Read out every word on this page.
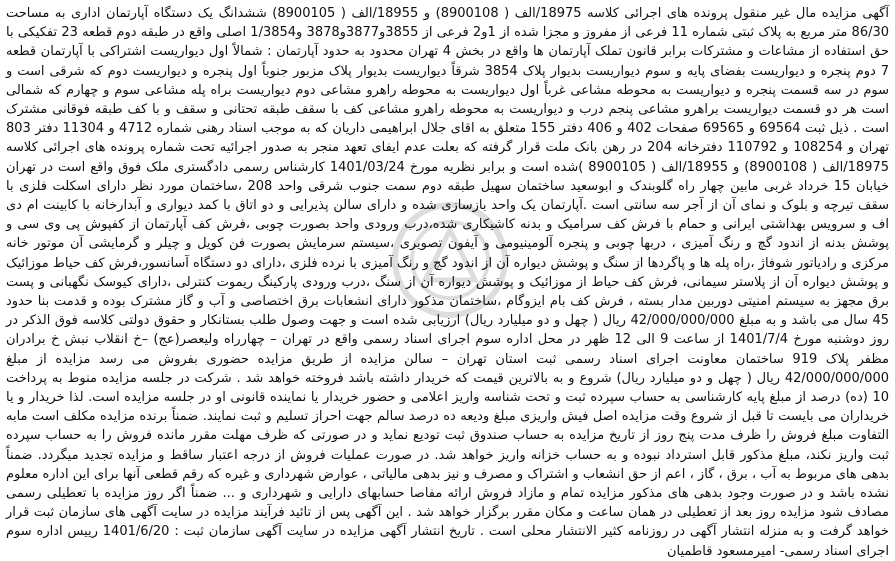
آگهی مزایده مال غیر منقول پرونده های اجرائی کلاسه 18975/الف ( 8900108) و 18955/الف ( 8900105) ششدانگ یک دستگاه آپارتمان اداری به مساحت 86/30 متر مربع به پلاک ثبتی شماره 11 فرعی از مفروز و مجزا شده از 1و2 فرعی از 3855و3877و3878 و1/3854 اصلی واقع در طبقه دوم قطعه 23 تفکیکی با حق استفاده از مشاعات و مشترکات برابر قانون تملک آپارتمان ها واقع در بخش 4 تهران محدود به حدود آپارتمان : شمالاً اول دیواریست اشتراکی با آپارتمان قطعه 7 دوم پنجره و دیواریست بفضای پایه و سوم دیواریست بدیوار پلاک 3854 شرقاً دیواریست بدیوار پلاک مزبور جنوباً اول پنجره و دیواریست دوم که شرقی است و سوم در سه قسمت پنجره و دیواریست به محوطه مشاعی غرباً اول دیواریست به محوطه راهرو مشاعی دوم دیواریست براه پله مشاعی سوم و چهارم که شمالی است هر دو قسمت دیواریست براهرو مشاعی پنجم درب و دیواریست به محوطه راهرو مشاعی کف با سقف طبقه تحتانی و سقف و با کف طبقه فوقانی مشترک است . ذیل ثبت 69564 و 69565 صفحات 402 و 406 دفتر 155 متعلق به اقای جلال ابراهیمی داریان که به موجب اسناد رهنی شماره 4712 و 11304 دفتر 803 تهران و 108254 و 110792 دفترخانه 204 در رهن بانک ملت قرار گرفته که بعلت عدم ایفای تعهد منجر به صدور اجرائیه تحت شماره پرونده های اجرائی کلاسه 18975/الف ( 8900108) و 18955/الف ( 8900105 )شده است و برابر نظریه مورخ 1401/03/24 کارشناس رسمی دادگستری ملک فوق واقع است در تهران خیابان 15 خرداد غربی مابین چهار راه گلوبندک و ابوسعید ساختمان سهیل طبقه دوم سمت جنوب شرقی واحد 208 ،ساختمان مورد نظر دارای اسکلت فلزی با سقف تیرچه و بلوک و نمای آن از آجر سه سانتی است .آپارتمان یک واحد بازسازی شده و دارای سالن پذیرایی و دو اتاق با کمد دیواری و آبدارخانه با کابینت ام دی اف و سرویس بهداشتی ایرانی و حمام با فرش کف سرامیک و بدنه کاشیکاری شده،درب ورودی واحد بصورت چوبی ،فرش کف آپارتمان از کفپوش پی وی سی و پوشش بدنه از اندود گچ و رنگ آمیزی ، دربها چوبی و پنجره آلومینیومی و آیفون تصویری ،سیستم سرمایش بصورت فن کویل و چیلر و گرمایشی آن موتور خانه مرکزی و رادیاتور شوفاژ ،راه پله ها و پاگردها از سنگ و پوشش دیواره آن از اندود گچ و رنگ آمیزی با نرده فلزی ،دارای دو دستگاه آسانسور،فرش کف حیاط موزائیک و پوشش دیواره آن از پلاستر سیمانی، فرش کف حیاط از موزائیک و پوشش دیواره آن از سنگ ،درب ورودی پارکینگ ریموت کنترلی ،دارای کیوسک نگهبانی و پست برق مجهز به سیستم امنیتی دوربین مدار بسته ، فرش کف بام ایزوگام ،ساختمان مذکور دارای انشعابات برق اختصاصی و آب و گاز مشترک بوده و قدمت بنا حدود 45 سال می باشد و به مبلغ 42/000/000/000 ریال ( چهل و دو میلیارد ریال) ارزیابی شده است و جهت وصول طلب بستانکار و حقوق دولتی کلاسه فوق الذکر در روز دوشنبه مورخ 1401/7/4 از ساعت 9 الی 12 ظهر در محل اداره سوم اجرای اسناد رسمی واقع در تهران – چهارراه ولیعصر(عج) –خ انقلاب نبش خ برادران مظفر پلاک 919 ساختمان معاونت اجرای اسناد رسمی ثبت استان تهران – سالن مزایده از طریق مزایده حضوری بفروش می رسد مزایده از مبلغ 42/000/000/000 ریال ( چهل و دو میلیارد ریال) شروع و به بالاترین قیمت که خریدار داشته باشد فروخته خواهد شد . شرکت در جلسه مزایده منوط به پرداخت 10 (ده) درصد از مبلغ پایه کارشناسی به حساب سپرده ثبت و تحت شناسه واریز اعلامی و حضور خریدار یا نماینده قانونی او در جلسه مزایده است. لذا خریدار و یا خریداران می بایست تا قبل از شروع وقت مزایده اصل فیش واریزی مبلغ ودیعه ده درصد سالم جهت احراز تسلیم و ثبت نمایند. ضمناً برنده مزایده مکلف است مابه التفاوت مبلغ فروش را ظرف مدت پنج روز از تاریخ مزایده به حساب صندوق ثبت تودیع نماید و در صورتی که ظرف مهلت مقرر مانده فروش را به حساب سپرده ثبت واریز نکند، مبلغ مذکور قابل استرداد نبوده و به حساب خزانه واریز خواهد شد. در صورت عملیات فروش از درجه اعتبار ساقط و مزایده تجدید میگردد. ضمناً بدهی های مربوط به آب ، برق ، گاز ، اعم از حق انشعاب و اشتراک و مصرف و نیز بدهی مالیاتی ، عوارض شهرداری و غیره که رقم قطعی آنها برای این اداره معلوم نشده باشد و در صورت وجود بدهی های مذکور مزایده تمام و مازاد فروش ارائه مفاصا حسابهای دارایی و شهرداری و ... ضمناً اگر روز مزایده با تعطیلی رسمی مصادف شود مزایده روز بعد از تعطیلی در همان ساعت و مکان مقرر برگزار خواهد شد . این آگهی پس از تائید فرآیند مزایده در سایت آگهی های سازمان ثبت قرار خواهد گرفت و به منزله انتشار آگهی در روزنامه کثیر الانتشار محلی است . تاریخ انتشار آگهی مزایده در سایت آگهی سازمان ثبت : 1401/6/20 رییس اداره سوم اجرای اسناد رسمی- امیرمسعود قاطمیان
